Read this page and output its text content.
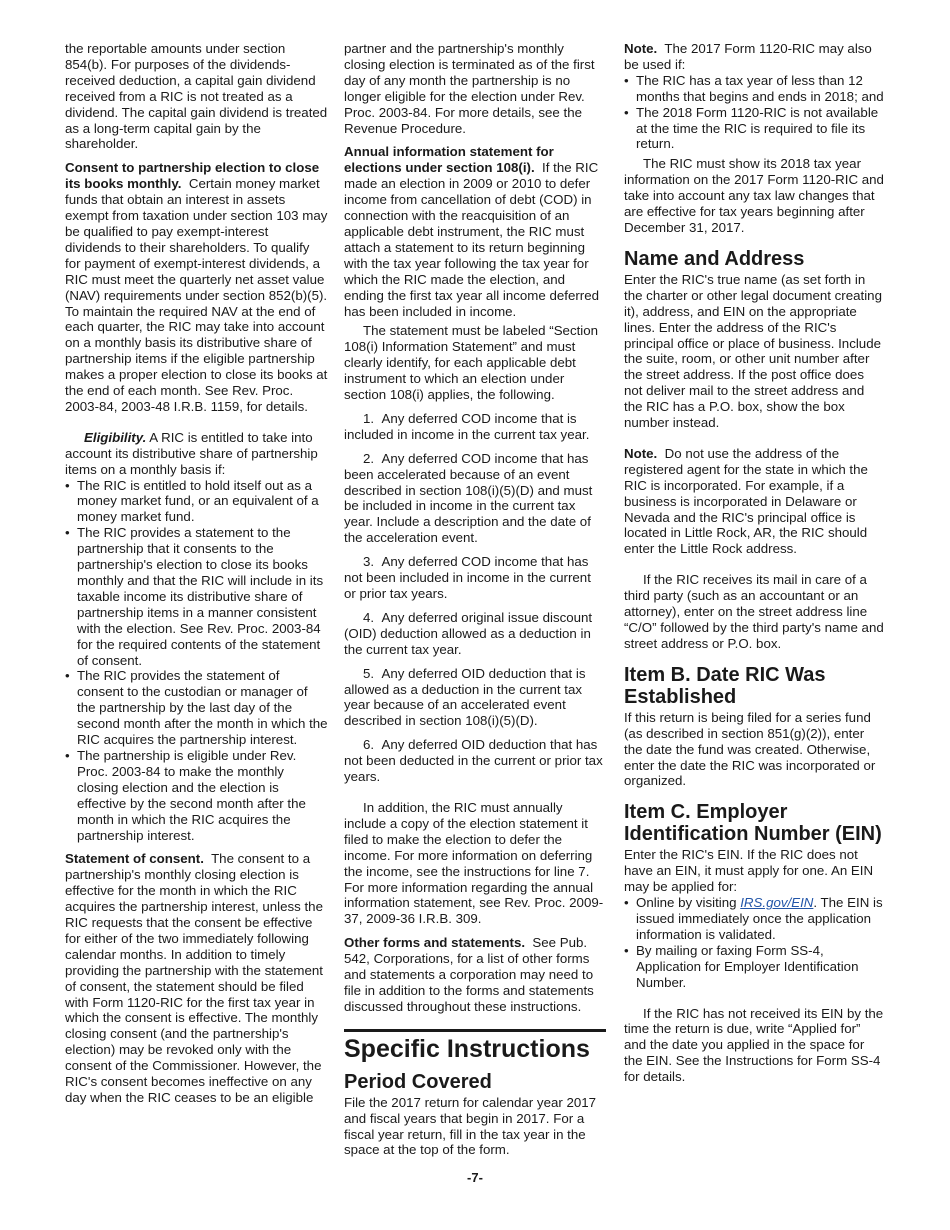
the reportable amounts under section 854(b). For purposes of the dividends-received deduction, a capital gain dividend received from a RIC is not treated as a dividend. The capital gain dividend is treated as a long-term capital gain by the shareholder.

Consent to partnership election to close its books monthly. Certain money market funds that obtain an interest in assets exempt from taxation under section 103 may be qualified to pay exempt-interest dividends to their shareholders. To qualify for payment of exempt-interest dividends, a RIC must meet the quarterly net asset value (NAV) requirements under section 852(b)(5). To maintain the required NAV at the end of each quarter, the RIC may take into account on a monthly basis its distributive share of partnership items if the eligible partnership makes a proper election to close its books at the end of each month. See Rev. Proc. 2003-84, 2003-48 I.R.B. 1159, for details.

Eligibility. A RIC is entitled to take into account its distributive share of partnership items on a monthly basis if:

• The RIC is entitled to hold itself out as a money market fund, or an equivalent of a money market fund.

• The RIC provides a statement to the partnership that it consents to the partnership's election to close its books monthly and that the RIC will include in its taxable income its distributive share of partnership items in a manner consistent with the election. See Rev. Proc. 2003-84 for the required contents of the statement of consent.

• The RIC provides the statement of consent to the custodian or manager of the partnership by the last day of the second month after the month in which the RIC acquires the partnership interest.

• The partnership is eligible under Rev. Proc. 2003-84 to make the monthly closing election and the election is effective by the second month after the month in which the RIC acquires the partnership interest.

Statement of consent. The consent to a partnership's monthly closing election is effective for the month in which the RIC acquires the partnership interest, unless the RIC requests that the consent be effective for either of the two immediately following calendar months. In addition to timely providing the partnership with the statement of consent, the statement should be filed with Form 1120-RIC for the first tax year in which the consent is effective. The monthly closing consent (and the partnership's election) may be revoked only with the consent of the Commissioner. However, the RIC's consent becomes ineffective on any day when the RIC ceases to be an eligible

partner and the partnership's monthly closing election is terminated as of the first day of any month the partnership is no longer eligible for the election under Rev. Proc. 2003-84. For more details, see the Revenue Procedure.

Annual information statement for elections under section 108(i). If the RIC made an election in 2009 or 2010 to defer income from cancellation of debt (COD) in connection with the reacquisition of an applicable debt instrument, the RIC must attach a statement to its return beginning with the tax year following the tax year for which the RIC made the election, and ending the first tax year all income deferred has been included in income.

The statement must be labeled “Section 108(i) Information Statement” and must clearly identify, for each applicable debt instrument to which an election under section 108(i) applies, the following.

1.  Any deferred COD income that is included in income in the current tax year.

2.  Any deferred COD income that has been accelerated because of an event described in section 108(i)(5)(D) and must be included in income in the current tax year. Include a description and the date of the acceleration event.

3.  Any deferred COD income that has not been included in income in the current or prior tax years.

4.  Any deferred original issue discount (OID) deduction allowed as a deduction in the current tax year.

5.  Any deferred OID deduction that is allowed as a deduction in the current tax year because of an accelerated event described in section 108(i)(5)(D).

6.  Any deferred OID deduction that has not been deducted in the current or prior tax years.

In addition, the RIC must annually include a copy of the election statement it filed to make the election to defer the income. For more information on deferring the income, see the instructions for line 7. For more information regarding the annual information statement, see Rev. Proc. 2009-37, 2009-36 I.R.B. 309.

Other forms and statements. See Pub. 542, Corporations, for a list of other forms and statements a corporation may need to file in addition to the forms and statements discussed throughout these instructions.

Specific Instructions
Period Covered

File the 2017 return for calendar year 2017 and fiscal years that begin in 2017. For a fiscal year return, fill in the tax year in the space at the top of the form.

Note. The 2017 Form 1120-RIC may also be used if:

• The RIC has a tax year of less than 12 months that begins and ends in 2018; and

• The 2018 Form 1120-RIC is not available at the time the RIC is required to file its return.

The RIC must show its 2018 tax year information on the 2017 Form 1120-RIC and take into account any tax law changes that are effective for tax years beginning after December 31, 2017.

Name and Address

Enter the RIC's true name (as set forth in the charter or other legal document creating it), address, and EIN on the appropriate lines. Enter the address of the RIC's principal office or place of business. Include the suite, room, or other unit number after the street address. If the post office does not deliver mail to the street address and the RIC has a P.O. box, show the box number instead.

Note. Do not use the address of the registered agent for the state in which the RIC is incorporated. For example, if a business is incorporated in Delaware or Nevada and the RIC's principal office is located in Little Rock, AR, the RIC should enter the Little Rock address.

If the RIC receives its mail in care of a third party (such as an accountant or an attorney), enter on the street address line “C/O” followed by the third party's name and street address or P.O. box.

Item B. Date RIC Was Established

If this return is being filed for a series fund (as described in section 851(g)(2)), enter the date the fund was created. Otherwise, enter the date the RIC was incorporated or organized.

Item C. Employer Identification Number (EIN)

Enter the RIC's EIN. If the RIC does not have an EIN, it must apply for one. An EIN may be applied for:

• Online by visiting IRS.gov/EIN. The EIN is issued immediately once the application information is validated.

• By mailing or faxing Form SS-4, Application for Employer Identification Number.

If the RIC has not received its EIN by the time the return is due, write “Applied for” and the date you applied in the space for the EIN. See the Instructions for Form SS-4 for details.

-7-
